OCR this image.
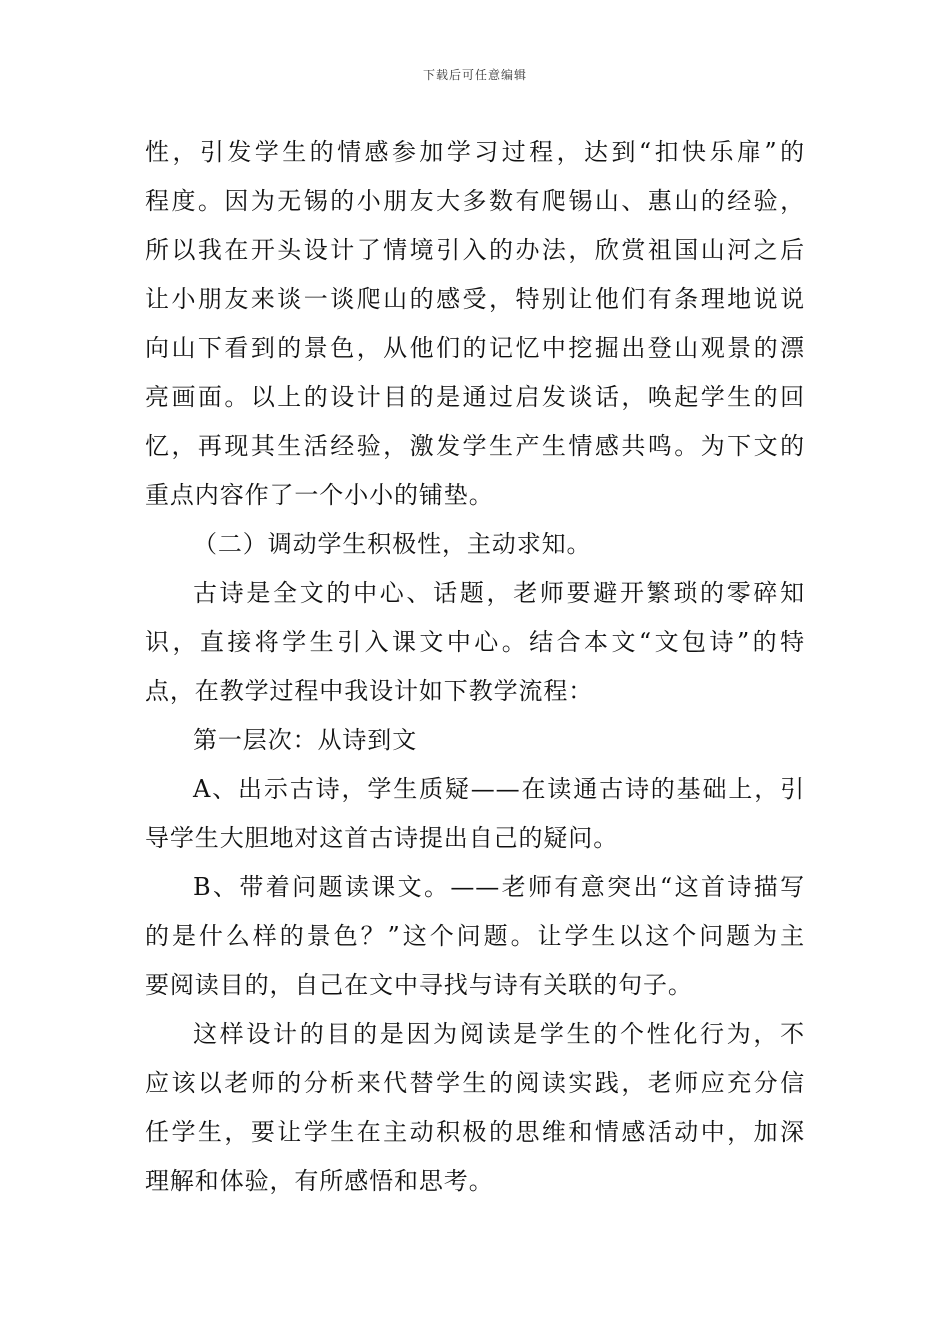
下载后可任意编辑
性，引发学生的情感参加学习过程，达到“扣快乐扉”的
程度。因为无锡的小朋友大多数有爬锡山、惠山的经验，
所以我在开头设计了情境引入的办法，欣赏祖国山河之后
让小朋友来谈一谈爬山的感受，特别让他们有条理地说说
向山下看到的景色，从他们的记忆中挖掘出登山观景的漂
亮画面。以上的设计目的是通过启发谈话，唤起学生的回
忆，再现其生活经验，激发学生产生情感共鸣。为下文的
重点内容作了一个小小的铺垫。
（二）调动学生积极性，主动求知。
古诗是全文的中心、话题，老师要避开繁琐的零碎知
识，直接将学生引入课文中心。结合本文“文包诗”的特
点，在教学过程中我设计如下教学流程：
第一层次：从诗到文
A、出示古诗，学生质疑——在读通古诗的基础上，引
导学生大胆地对这首古诗提出自己的疑问。
B、带着问题读课文。——老师有意突出“这首诗描写
的是什么样的景色？”这个问题。让学生以这个问题为主
要阅读目的，自己在文中寻找与诗有关联的句子。
这样设计的目的是因为阅读是学生的个性化行为，不
应该以老师的分析来代替学生的阅读实践，老师应充分信
任学生，要让学生在主动积极的思维和情感活动中，加深
理解和体验，有所感悟和思考。
